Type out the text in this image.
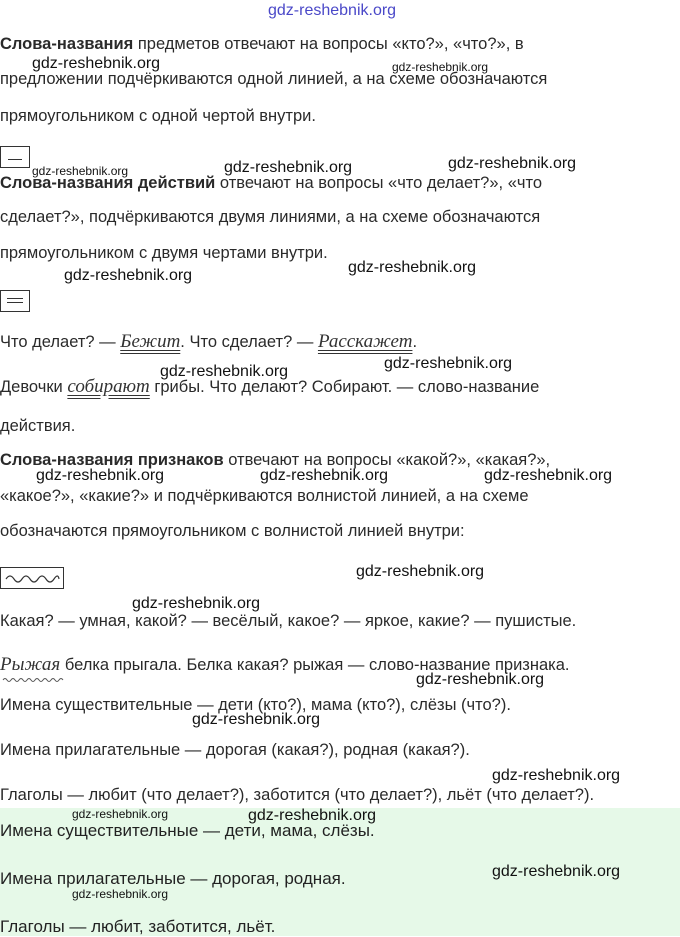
gdz-reshebnik.org
Слова-названия предметов отвечают на вопросы «кто?», «что?», в
предложении подчёркиваются одной линией, а на схеме обозначаются
прямоугольником с одной чертой внутри.
Слова-названия действий отвечают на вопросы «что делает?», «что
сделает?», подчёркиваются двумя линиями, а на схеме обозначаются
прямоугольником с двумя чертами внутри.
Что делает? — Бежит. Что сделает? — Расскажет.
Девочки собирают грибы. Что делают? Собирают. — слово-название
действия.
Слова-названия признаков отвечают на вопросы «какой?», «какая?»,
«какое?», «какие?» и подчёркиваются волнистой линией, а на схеме
обозначаются прямоугольником с волнистой линией внутри:
Какая? — умная, какой? — весёлый, какое? — яркое, какие? — пушистые.
Рыжая белка прыгала. Белка какая? рыжая — слово-название признака.
Имена существительные — дети (кто?), мама (кто?), слёзы (что?).
Имена прилагательные — дорогая (какая?), родная (какая?).
Глаголы — любит (что делает?), заботится (что делает?), льёт (что делает?).
Имена существительные — дети, мама, слёзы.
Имена прилагательные — дорогая, родная.
Глаголы — любит, заботится, льёт.
gdz-reshebnik.org	gdz-reshebnik.org
gdz-reshebnik.org	gdz-reshebnik.org	gdz-reshebnik.org
gdz-reshebnik.org
gdz-reshebnik.org
gdz-reshebnik.org
gdz-reshebnik.org
gdz-reshebnik.org	gdz-reshebnik.org	gdz-reshebnik.org
gdz-reshebnik.org
gdz-reshebnik.org
gdz-reshebnik.org
gdz-reshebnik.org
gdz-reshebnik.org
gdz-reshebnik.org	gdz-reshebnik.org
gdz-reshebnik.org
gdz-reshebnik.org
